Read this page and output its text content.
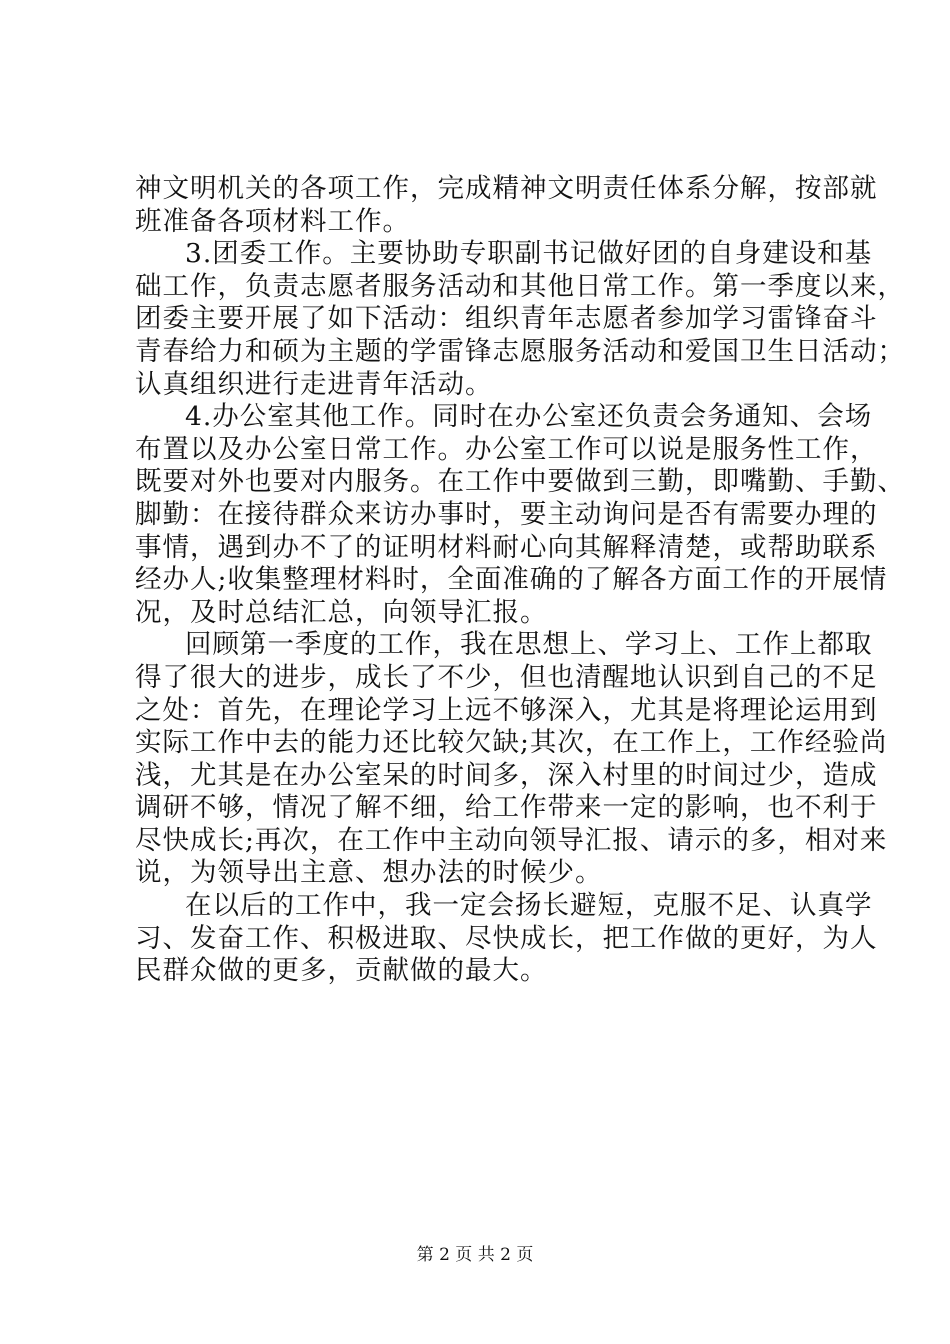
神文明机关的各项工作，完成精神文明责任体系分解，按部就
班准备各项材料工作。
3.团委工作。主要协助专职副书记做好团的自身建设和基
础工作，负责志愿者服务活动和其他日常工作。第一季度以来，
团委主要开展了如下活动：组织青年志愿者参加学习雷锋奋斗
青春给力和硕为主题的学雷锋志愿服务活动和爱国卫生日活动；
认真组织进行走进青年活动。
4.办公室其他工作。同时在办公室还负责会务通知、会场
布置以及办公室日常工作。办公室工作可以说是服务性工作，
既要对外也要对内服务。在工作中要做到三勤，即嘴勤、手勤、
脚勤：在接待群众来访办事时，要主动询问是否有需要办理的
事情，遇到办不了的证明材料耐心向其解释清楚，或帮助联系
经办人;收集整理材料时，全面准确的了解各方面工作的开展情
况，及时总结汇总，向领导汇报。
回顾第一季度的工作，我在思想上、学习上、工作上都取
得了很大的进步，成长了不少，但也清醒地认识到自己的不足
之处：首先，在理论学习上远不够深入，尤其是将理论运用到
实际工作中去的能力还比较欠缺;其次，在工作上，工作经验尚
浅，尤其是在办公室呆的时间多，深入村里的时间过少，造成
调研不够，情况了解不细，给工作带来一定的影响，也不利于
尽快成长;再次，在工作中主动向领导汇报、请示的多，相对来
说，为领导出主意、想办法的时候少。
在以后的工作中，我一定会扬长避短，克服不足、认真学
习、发奋工作、积极进取、尽快成长，把工作做的更好，为人
民群众做的更多，贡献做的最大。
第 2 页 共 2 页
